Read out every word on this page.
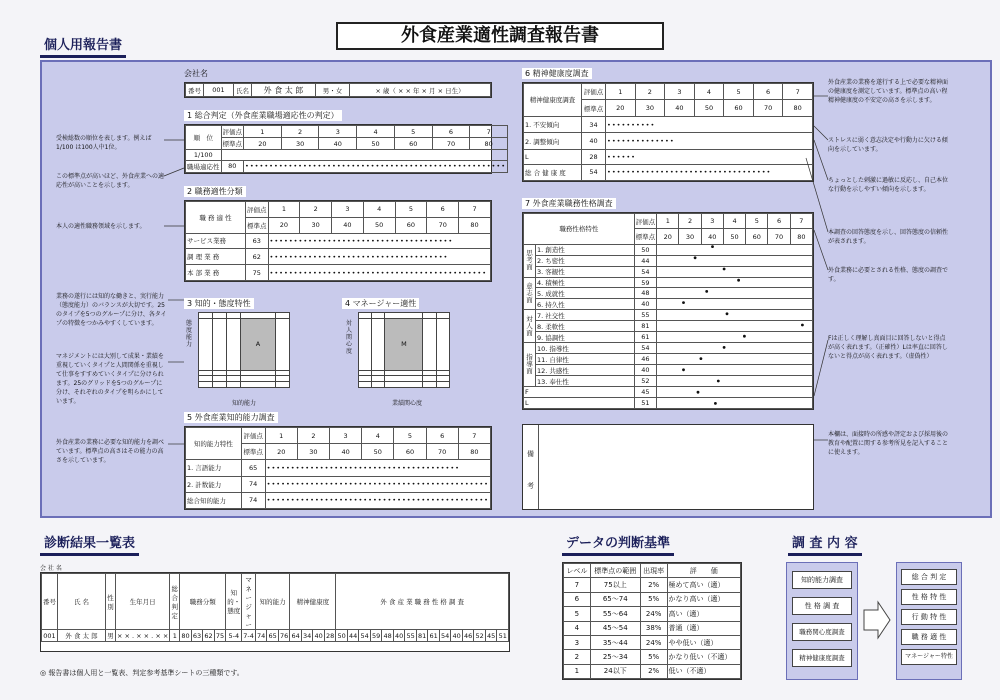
個人用報告書	外食産業適性調査報告書
会社名
番号	001	氏名	外 食 太 郎	男・女	× 歳（ × × 年 × 月 × 日生）
1 総合判定（外食産業職場適応性の判定）
順　位	評価点	1	2	3	4	5	6	7
	標準点	20	30	40	50	60	70	80
1/100								
職場適応性	80	••••••••••••••••••••••••••••••••••••••••••••••••••••••						
2 職務適性分類
職 務 適 性	評価点	1	2	3	4	5	6	7
	標準点	20	30	40	50	60	70	80
サービス業務	63	••••••••••••••••••••••••••••••••••••••						
調 理 業 務	62	•••••••••••••••••••••••••••••••••••••						
本 部 業 務	75	•••••••••••••••••••••••••••••••••••••••••••••						
3 知的・態度特性
態度能力

				A	

知的能力
4 マネージャー適性
対人関心度

		M		

業績関心度
5 外食産業知的能力調査
知的能力特性	評価点	1	2	3	4	5	6	7
	標準点	20	30	40	50	60	70	80
1. 言語能力	65	••••••••••••••••••••••••••••••••••••••••						
2. 計数能力	74	••••••••••••••••••••••••••••••••••••••••••••••						
総合知的能力	74	••••••••••••••••••••••••••••••••••••••••••••••						
6 精神健康度調査
精神健康度調査	評価点	1	2	3	4	5	6	7
	標準点	20	30	40	50	60	70	80
1. 不安傾向	34	••••••••••						
2. 調整傾向	40	••••••••••••••						
L	28	••••••						
総 合 健 康 度	54	••••••••••••••••••••••••••••••••••						
7 外食産業職務性格調査
職務性格特性		評価点	1	2	3	4	5	6	7
		標準点	20	30	40	50	60	70	80
思考面	1. 創造性	50							
	2. ち密性	44							
	3. 客観性	54							
意志面	4. 積極性	59							
	5. 成就性	48							
	6. 持久性	40							
対人面	7. 社交性	55							
	8. 柔軟性	81							
	9. 協調性	61							
指導面	10. 指導性	54							
	11. 自律性	46							
	12. 共感性	40							
	13. 奉仕性	52							
F		45							
L		51							
備
考
受検総数の順位を表します。例えば 1/100 は100人中1位。
この標準点が高いほど、外食産業への適応性が高いことを示します。
本人の適性職務領域を示します。
業務の遂行には知的な働きと、実行能力（態度能力）のバランスが大切です。25のタイプを5つのグループに分け、各タイプの特徴をつかみやすくしています。
マネジメントには大別して成果・業績を重視していくタイプと人間関係を重視して仕事をすすめていくタイプに分けられます。25のグリッドを5つのグループに分け、それぞれのタイプを明らかにしています。
外食産業の業務に必要な知的能力を調べています。標準点の高さはその能力の高さを示しています。
外食産業の業務を遂行する上で必要な精神面の健康度を測定しています。標準点の高い程精神健康度の不安定の高さを示します。
ストレスに弱く意志決定や行動力に欠ける傾向を示しています。
ちょっとした刺激に過敏に反応し、自己本位な行動を示しやすい傾向を示します。
本調査の回答態度を示し、回答態度の信頼性が表されます。
外食業務に必要とされる性格、態度の調査です。
Fは正しく理解し真面目に回答しないと得点が高く表れます。（正確性）Lは率直に回答しないと得点が高く表れます。（虚偽性）
本欄は、面接時の所感や評定および採用後の教育や配置に関する参考所見を記入することに使えます。
診断結果一覧表
会 社 名
番号	氏 名	性別	生年月日	総合判定	職務分類				知的・態度	マネージャー	知的能力			精神健康度				外 食 産 業 職 務 性 格 調 査														
001	外 食 太 郎	男	× × . × × . × ×	1	80	63	62	75	5-4	7-4	74	65	76	64	34	40	28	50	44	54	59	48	40	55	81	61	54	40	46	52	45	51

◎ 報告書は個人用と一覧表、判定参考基準シートの三種類です。
データの判断基準
レベル	標準点の範囲	出現率	評　　価
7	75以上	2%	極めて高い（適）
6	65〜74	5%	かなり高い（適）
5	55〜64	24%	高い（適）
4	45〜54	38%	普通（適）
3	35〜44	24%	やや低い（適）
2	25〜34	5%	かなり低い（不適）
1	24以下	2%	低い（不適）
調 査 内 容
知的能力調査
性 格 調 査
職務関心度調査
精神健康度調査
総 合 判 定
性 格 特 性
行 動 特 性
職 務 適 性
マネージャー特性
